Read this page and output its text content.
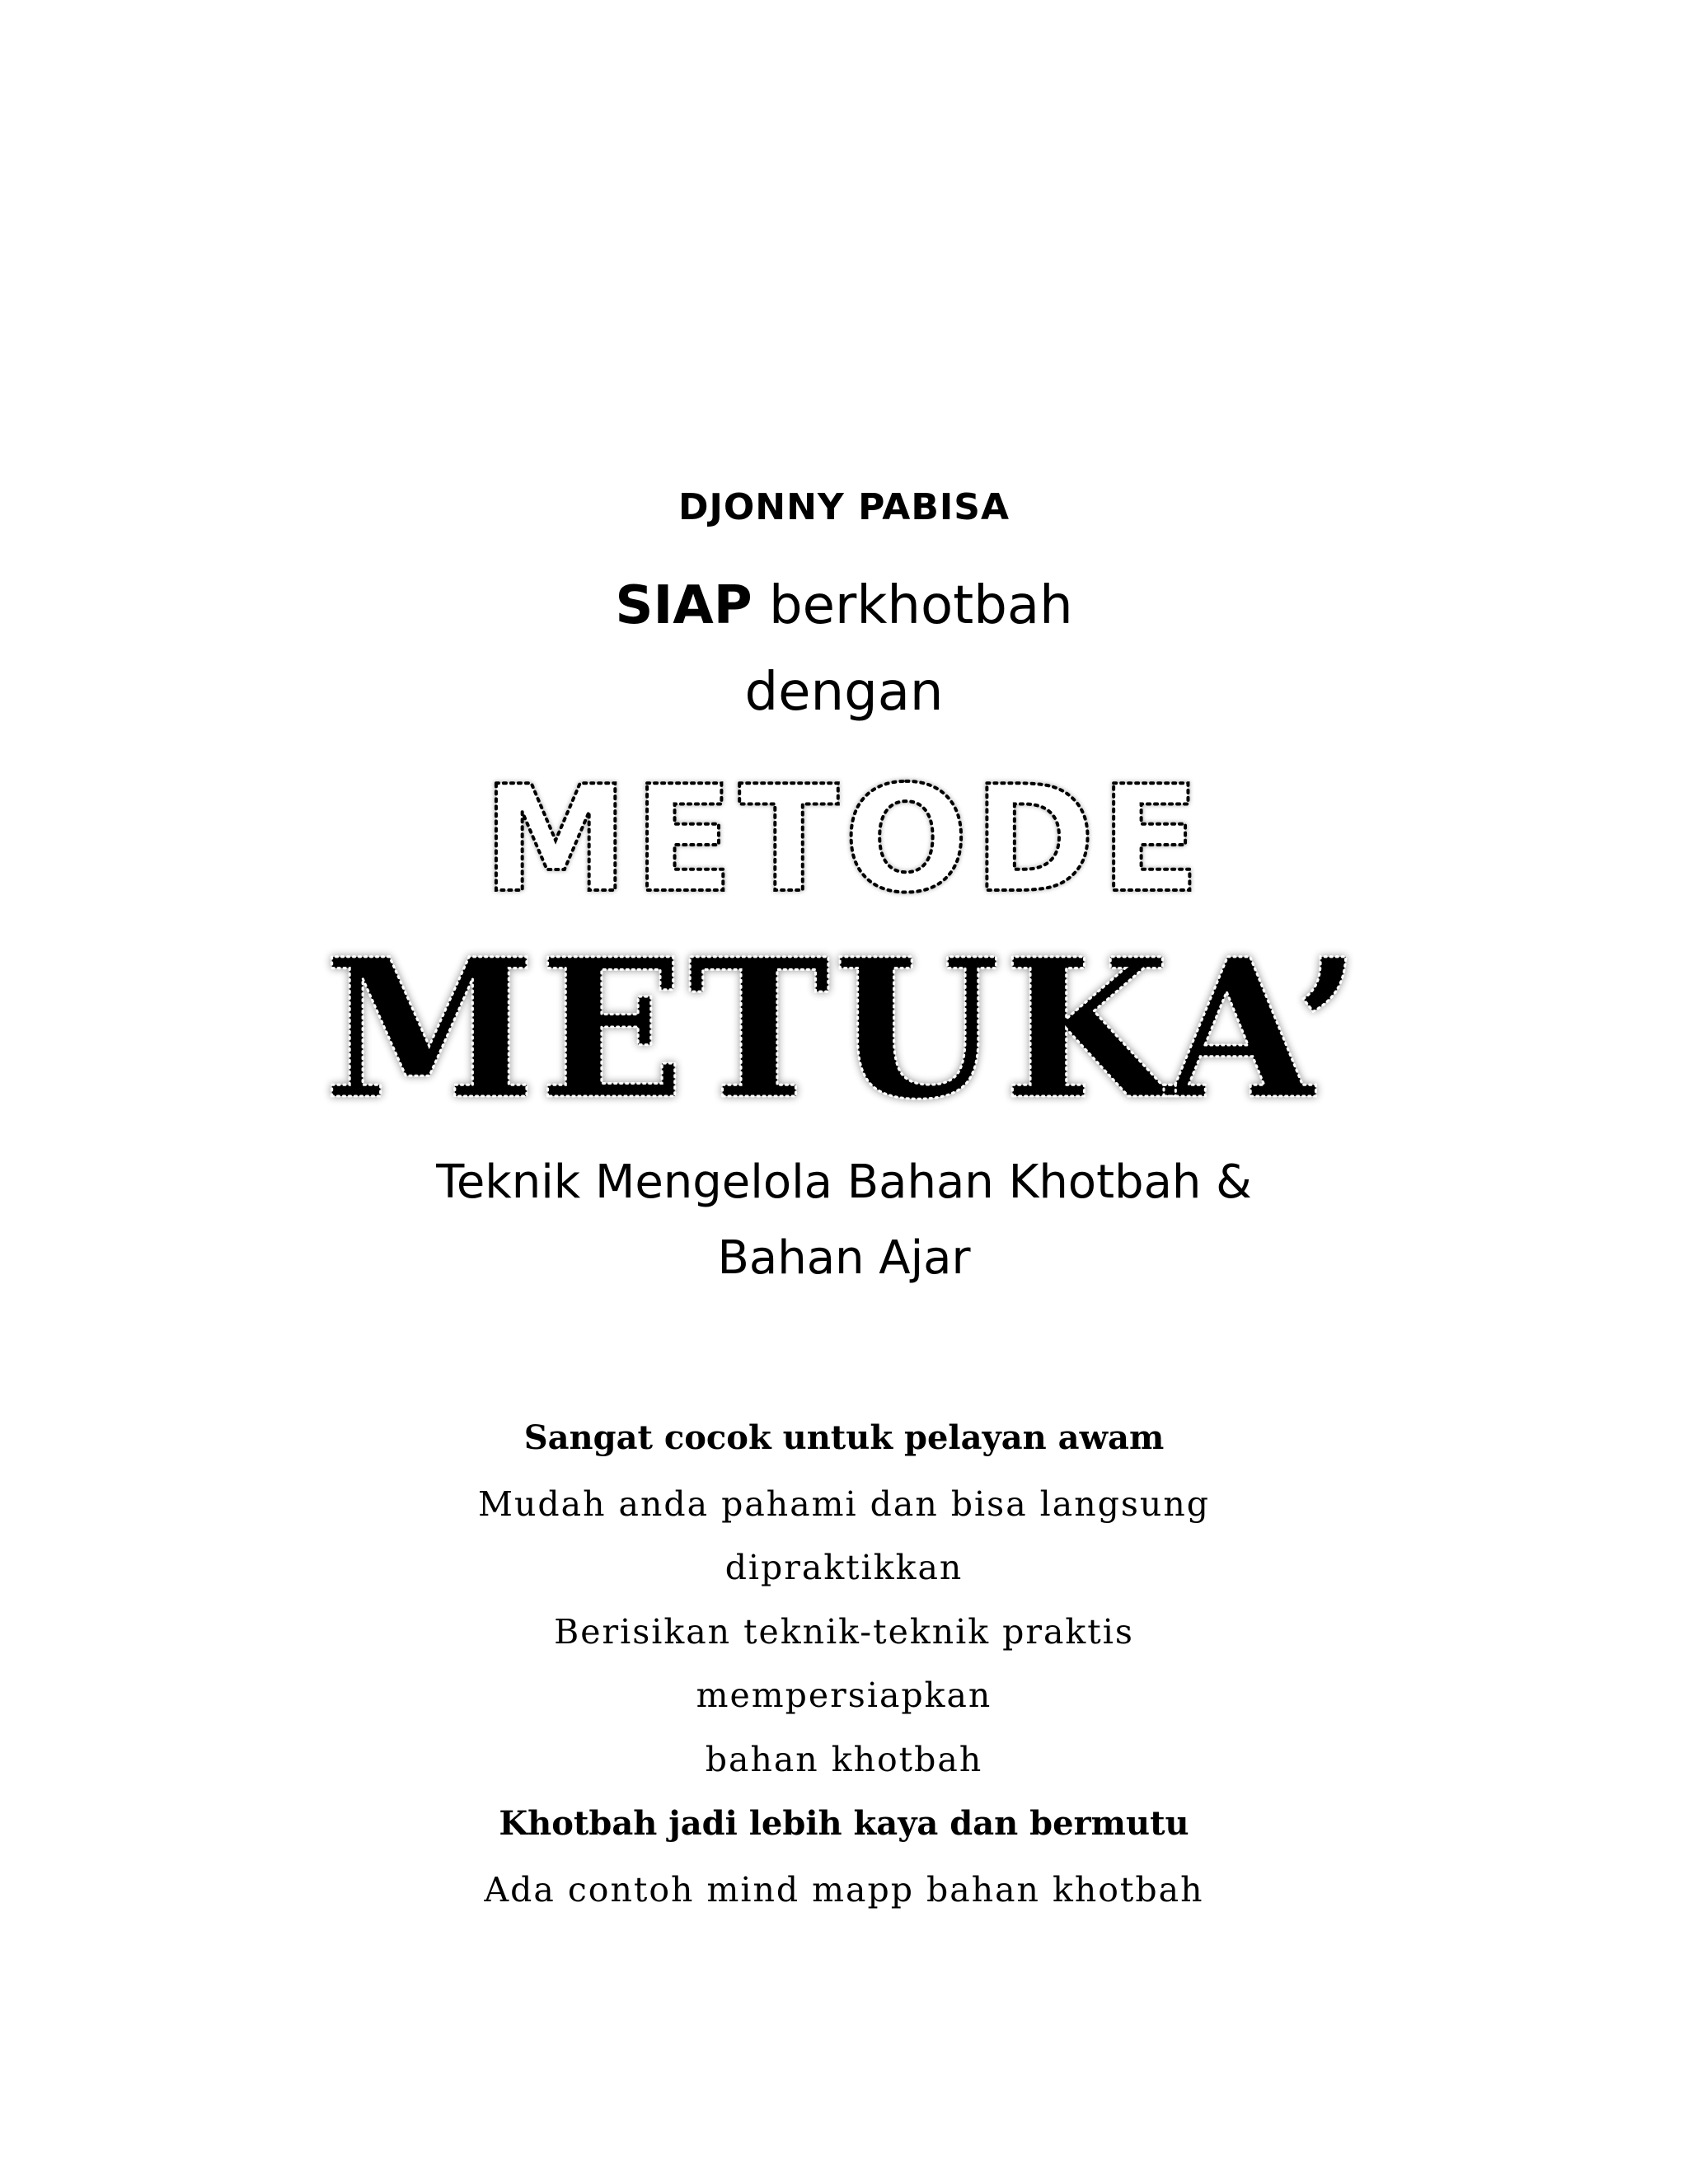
DJONNY PABISA
SIAP berkhotbah
dengan
METODE
METUKA’
Teknik Mengelola Bahan Khotbah &
Bahan Ajar
Sangat cocok untuk pelayan awam
Mudah anda pahami dan bisa langsung
dipraktikkan
Berisikan teknik-teknik praktis
mempersiapkan
bahan khotbah
Khotbah jadi lebih kaya dan bermutu
Ada contoh mind mapp bahan khotbah
